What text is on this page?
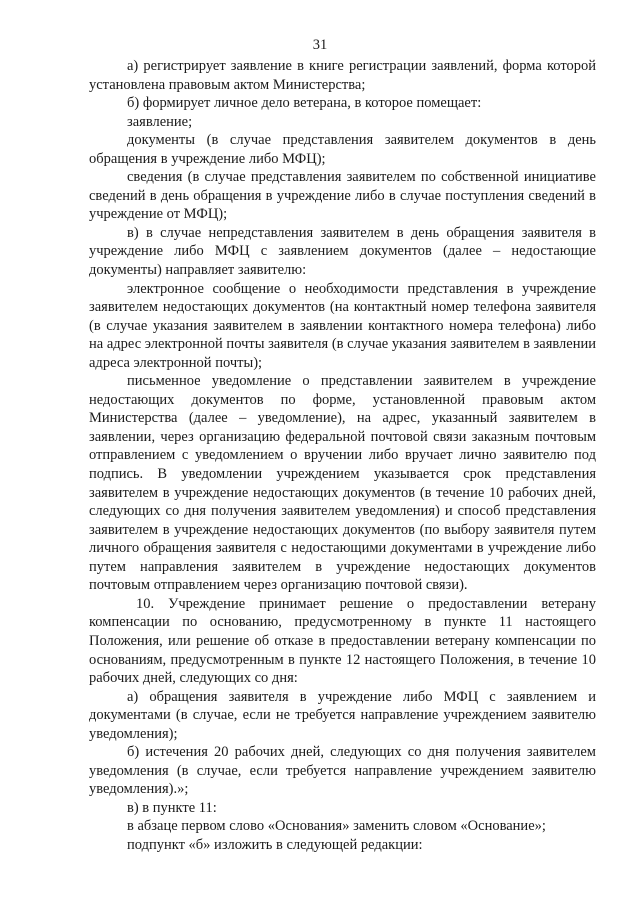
31

а) регистрирует заявление в книге регистрации заявлений, форма которой установлена правовым актом Министерства;

б) формирует личное дело ветерана, в которое помещает:

заявление;

документы (в случае представления заявителем документов в день обращения в учреждение либо МФЦ);

сведения (в случае представления заявителем по собственной инициативе сведений в день обращения в учреждение либо в случае поступления сведений в учреждение от МФЦ);

в) в случае непредставления заявителем в день обращения заявителя в учреждение либо МФЦ с заявлением документов (далее – недостающие документы) направляет заявителю:

электронное сообщение о необходимости представления в учреждение заявителем недостающих документов (на контактный номер телефона заявителя (в случае указания заявителем в заявлении контактного номера телефона) либо на адрес электронной почты заявителя (в случае указания заявителем в заявлении адреса электронной почты);

письменное уведомление о представлении заявителем в учреждение недостающих документов по форме, установленной правовым актом Министерства (далее – уведомление), на адрес, указанный заявителем в заявлении, через организацию федеральной почтовой связи заказным почтовым отправлением с уведомлением о вручении либо вручает лично заявителю под подпись. В уведомлении учреждением указывается срок представления заявителем в учреждение недостающих документов (в течение 10 рабочих дней, следующих со дня получения заявителем уведомления) и способ представления заявителем в учреждение недостающих документов (по выбору заявителя путем личного обращения заявителя с недостающими документами в учреждение либо путем направления заявителем в учреждение недостающих документов почтовым отправлением через организацию почтовой связи).

10. Учреждение принимает решение о предоставлении ветерану компенсации по основанию, предусмотренному в пункте 11 настоящего Положения, или решение об отказе в предоставлении ветерану компенсации по основаниям, предусмотренным в пункте 12 настоящего Положения, в течение 10 рабочих дней, следующих со дня:

а) обращения заявителя в учреждение либо МФЦ с заявлением и документами (в случае, если не требуется направление учреждением заявителю уведомления);

б) истечения 20 рабочих дней, следующих со дня получения заявителем уведомления (в случае, если требуется направление учреждением заявителю уведомления).»;

в) в пункте 11:

в абзаце первом слово «Основания» заменить словом «Основание»;

подпункт «б» изложить в следующей редакции:
